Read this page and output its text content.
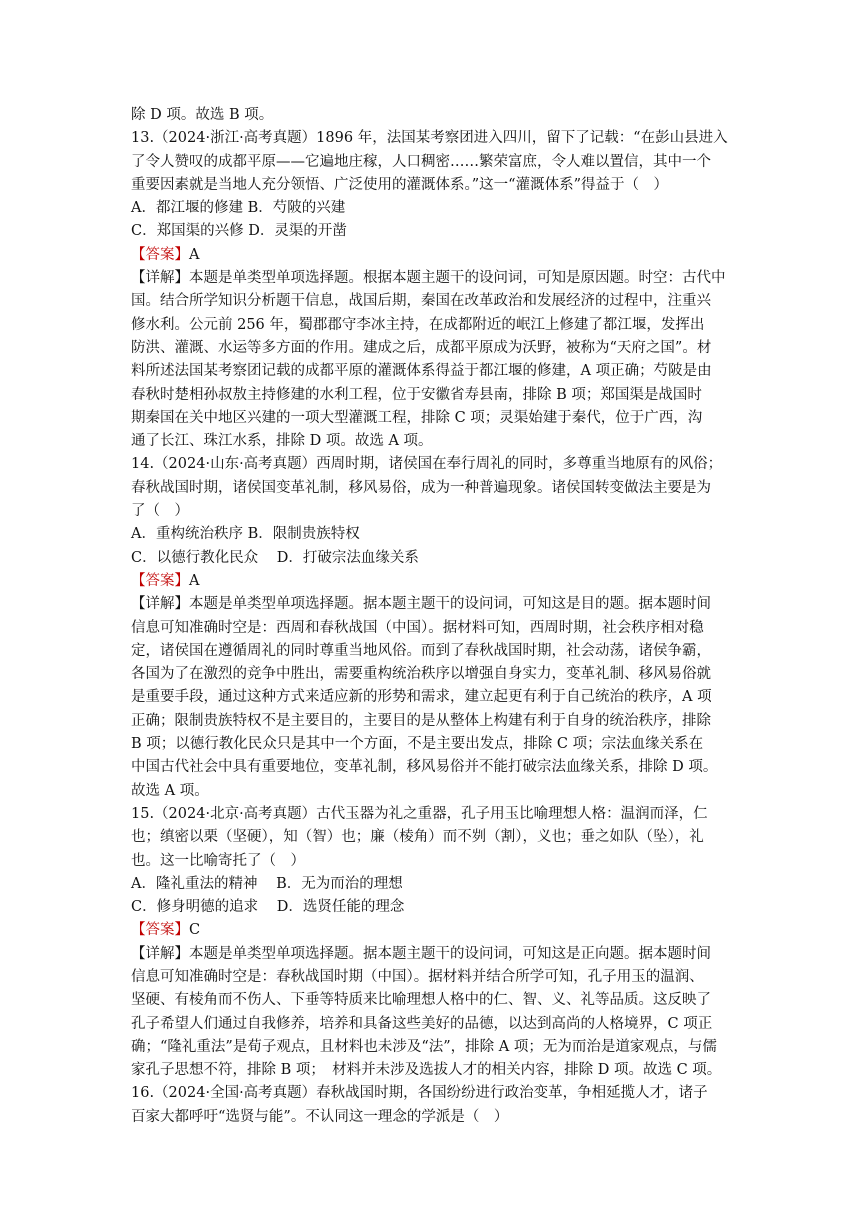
除 D 项。故选 B 项。
13.（2024·浙江·高考真题）1896 年，法国某考察团进入四川，留下了记载：“在彭山县进入
了令人赞叹的成都平原——它遍地庄稼，人口稠密……繁荣富庶，令人难以置信，其中一个
重要因素就是当地人充分领悟、广泛使用的灌溉体系。”这一“灌溉体系”得益于（　）
A．都江堰的修建 B．芍陂的兴建
C．郑国渠的兴修 D．灵渠的开凿
【答案】A
【详解】本题是单类型单项选择题。根据本题主题干的设问词，可知是原因题。时空：古代中
国。结合所学知识分析题干信息，战国后期，秦国在改革政治和发展经济的过程中，注重兴
修水利。公元前 256 年，蜀郡郡守李冰主持，在成都附近的岷江上修建了都江堰，发挥出
防洪、灌溉、水运等多方面的作用。建成之后，成都平原成为沃野，被称为“天府之国”。材
料所述法国某考察团记载的成都平原的灌溉体系得益于都江堰的修建，A 项正确；芍陂是由
春秋时楚相孙叔敖主持修建的水利工程，位于安徽省寿县南，排除 B 项；郑国渠是战国时
期秦国在关中地区兴建的一项大型灌溉工程，排除 C 项；灵渠始建于秦代，位于广西，沟
通了长江、珠江水系，排除 D 项。故选 A 项。
14.（2024·山东·高考真题）西周时期，诸侯国在奉行周礼的同时，多尊重当地原有的风俗；
春秋战国时期，诸侯国变革礼制，移风易俗，成为一种普遍现象。诸侯国转变做法主要是为
了（　）
A．重构统治秩序 B．限制贵族特权
C．以德行教化民众 D．打破宗法血缘关系
【答案】A
【详解】本题是单类型单项选择题。据本题主题干的设问词，可知这是目的题。据本题时间
信息可知准确时空是：西周和春秋战国（中国）。据材料可知，西周时期，社会秩序相对稳
定，诸侯国在遵循周礼的同时尊重当地风俗。而到了春秋战国时期，社会动荡，诸侯争霸，
各国为了在激烈的竞争中胜出，需要重构统治秩序以增强自身实力，变革礼制、移风易俗就
是重要手段，通过这种方式来适应新的形势和需求，建立起更有利于自己统治的秩序，A 项
正确；限制贵族特权不是主要目的，主要目的是从整体上构建有利于自身的统治秩序，排除
B 项；以德行教化民众只是其中一个方面，不是主要出发点，排除 C 项；宗法血缘关系在
中国古代社会中具有重要地位，变革礼制，移风易俗并不能打破宗法血缘关系，排除 D 项。
故选 A 项。
15.（2024·北京·高考真题）古代玉器为礼之重器，孔子用玉比喻理想人格：温润而泽，仁
也；缜密以栗（坚硬），知（智）也；廉（棱角）而不刿（割），义也；垂之如队（坠），礼
也。这一比喻寄托了（　）
A．隆礼重法的精神 B．无为而治的理想
C．修身明德的追求 D．选贤任能的理念
【答案】C
【详解】本题是单类型单项选择题。据本题主题干的设问词，可知这是正向题。据本题时间
信息可知准确时空是：春秋战国时期（中国）。据材料并结合所学可知，孔子用玉的温润、
坚硬、有棱角而不伤人、下垂等特质来比喻理想人格中的仁、智、义、礼等品质。这反映了
孔子希望人们通过自我修养，培养和具备这些美好的品德，以达到高尚的人格境界，C 项正
确；“隆礼重法”是荀子观点，且材料也未涉及“法”，排除 A 项；无为而治是道家观点，与儒
家孔子思想不符，排除 B 项；　材料并未涉及选拔人才的相关内容，排除 D 项。故选 C 项。
16.（2024·全国·高考真题）春秋战国时期，各国纷纷进行政治变革，争相延揽人才，诸子
百家大都呼吁“选贤与能”。不认同这一理念的学派是（　）
